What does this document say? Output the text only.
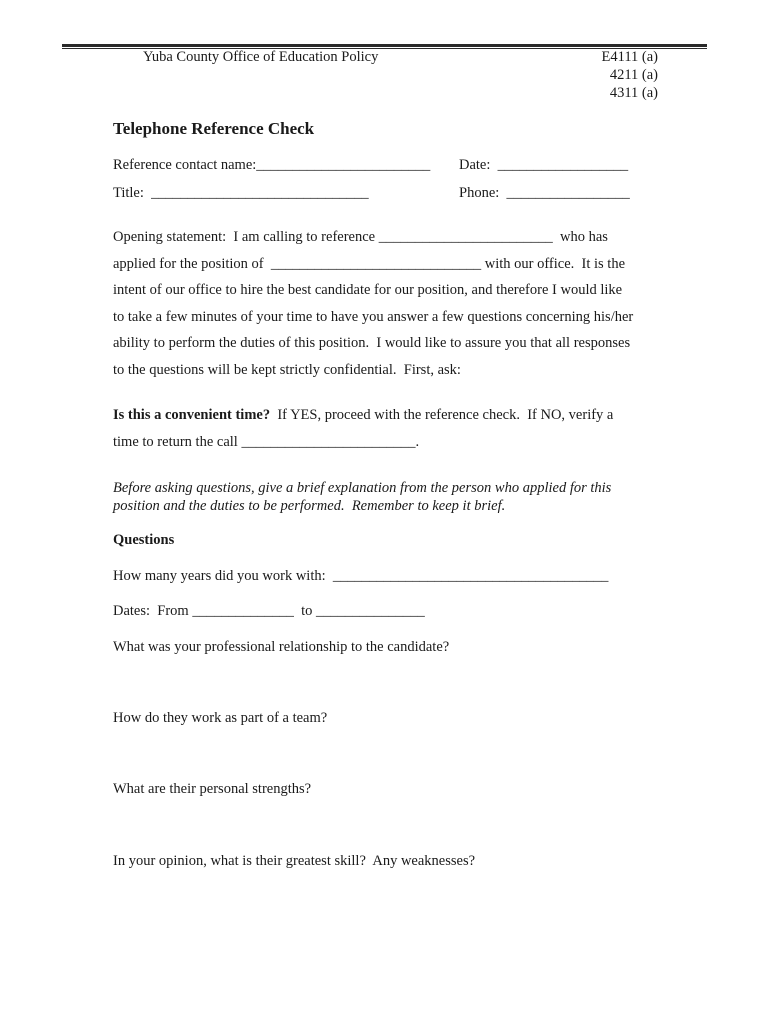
Yuba County Office of Education Policy	E4111 (a)
4211 (a)
4311 (a)
Telephone Reference Check
Reference contact name:________________________ Date:  __________________
Title:  ______________________________	Phone:  _________________

Opening statement:  I am calling to reference ________________________  who has

applied for the position of  _____________________________ with our office.  It is the

intent of our office to hire the best candidate for our position, and therefore I would like

to take a few minutes of your time to have you answer a few questions concerning his/her

ability to perform the duties of this position.  I would like to assure you that all responses

to the questions will be kept strictly confidential.  First, ask:

Is this a convenient time?  If YES, proceed with the reference check.  If NO, verify a

time to return the call ________________________.

Before asking questions, give a brief explanation from the person who applied for this

position and the duties to be performed.  Remember to keep it brief.

Questions
How many years did you work with:  ______________________________________
Dates:  From ______________  to _______________
What was your professional relationship to the candidate?
How do they work as part of a team?
What are their personal strengths?
In your opinion, what is their greatest skill?  Any weaknesses?
